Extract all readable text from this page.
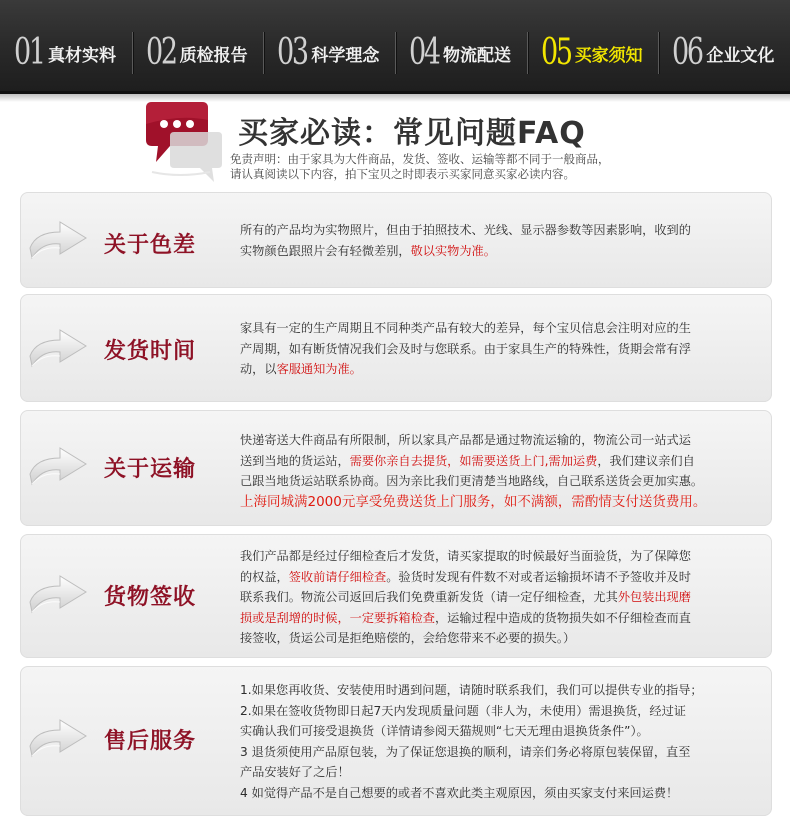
01 真材实料 02 质检报告 03 科学理念 04 物流配送 05 买家须知 06 企业文化
买家必读：常见问题FAQ
免责声明：由于家具为大件商品，发货、签收、运输等都不同于一般商品，
请认真阅读以下内容，拍下宝贝之时即表示买家同意买家必读内容。
关于色差
所有的产品均为实物照片，但由于拍照技术、光线、显示器参数等因素影响，收到的
实物颜色跟照片会有轻微差别，敬以实物为准。
发货时间
家具有一定的生产周期且不同种类产品有较大的差异，每个宝贝信息会注明对应的生
产周期，如有断货情况我们会及时与您联系。由于家具生产的特殊性，货期会常有浮
动，以客服通知为准。
关于运输
快递寄送大件商品有所限制，所以家具产品都是通过物流运输的，物流公司一站式运
送到当地的货运站，需要你亲自去提货，如需要送货上门,需加运费，我们建议亲们自
己跟当地货运站联系协商。因为亲比我们更清楚当地路线，自己联系送货会更加实惠。
上海同城满2000元享受免费送货上门服务，如不满额，需酌情支付送货费用。
货物签收
我们产品都是经过仔细检查后才发货，请买家提取的时候最好当面验货，为了保障您
的权益，签收前请仔细检查。验货时发现有件数不对或者运输损坏请不予签收并及时
联系我们。物流公司返回后我们免费重新发货（请一定仔细检查，尤其外包装出现磨
损或是刮增的时候，一定要拆箱检查，运输过程中造成的货物损失如不仔细检查而直
接签收，货运公司是拒绝赔偿的，会给您带来不必要的损失。）
售后服务
1.如果您再收货、安装使用时遇到问题，请随时联系我们，我们可以提供专业的指导；
2.如果在签收货物即日起7天内发现质量问题（非人为，未使用）需退换货，经过证
实确认我们可接受退换货（详情请参阅天猫规则“七天无理由退换货条件”）。
3 退货须使用产品原包装，为了保证您退换的顺利，请亲们务必将原包装保留，直至
产品安装好了之后！
4 如觉得产品不是自己想要的或者不喜欢此类主观原因，须由买家支付来回运费！
